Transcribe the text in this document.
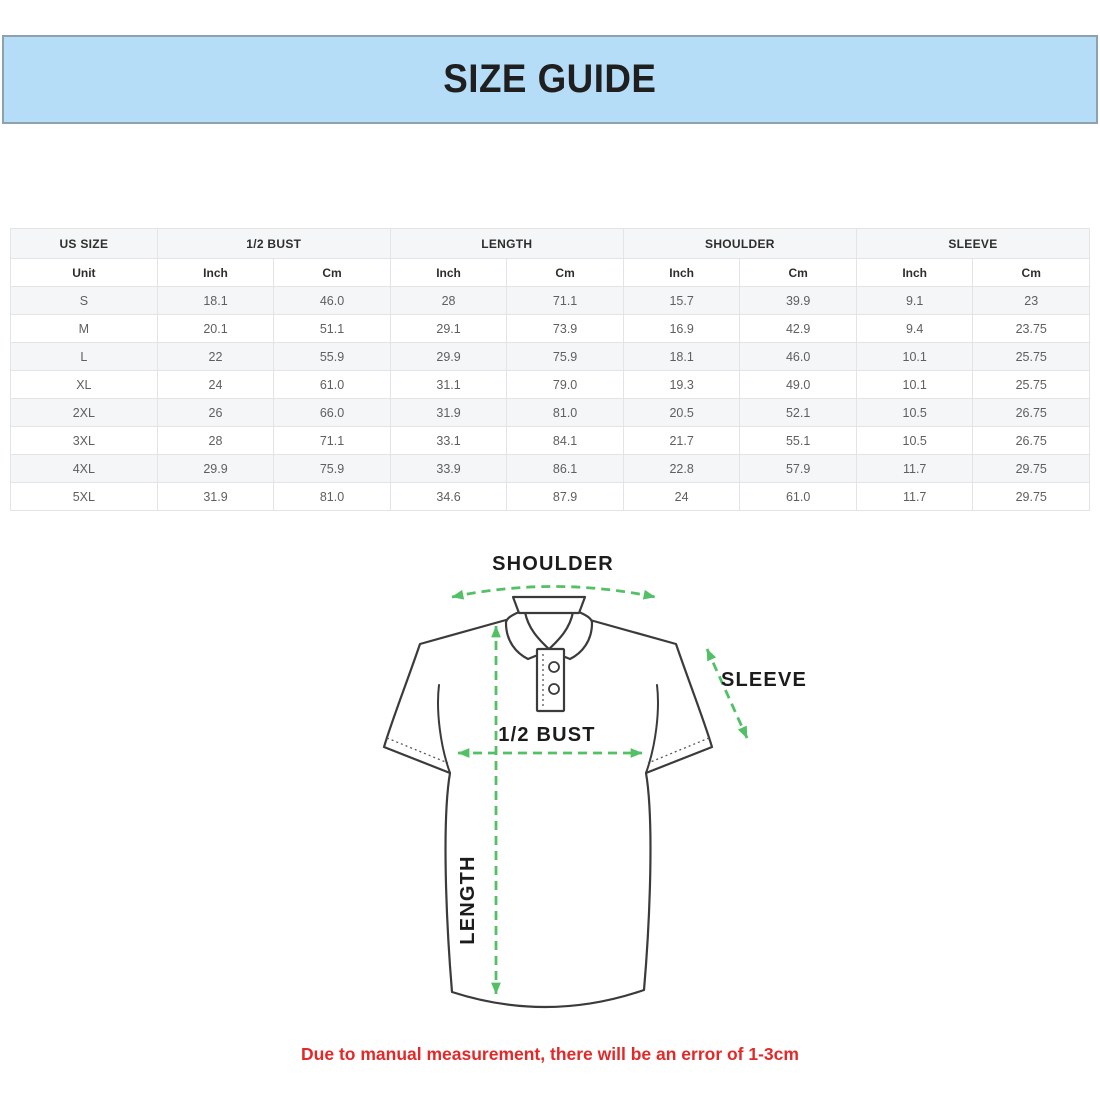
SIZE GUIDE
US SIZE	1/2 BUST		LENGTH		SHOULDER		SLEEVE	
Unit	Inch	Cm	Inch	Cm	Inch	Cm	Inch	Cm
S	18.1	46.0	28	71.1	15.7	39.9	9.1	23
M	20.1	51.1	29.1	73.9	16.9	42.9	9.4	23.75
L	22	55.9	29.9	75.9	18.1	46.0	10.1	25.75
XL	24	61.0	31.1	79.0	19.3	49.0	10.1	25.75
2XL	26	66.0	31.9	81.0	20.5	52.1	10.5	26.75
3XL	28	71.1	33.1	84.1	21.7	55.1	10.5	26.75
4XL	29.9	75.9	33.9	86.1	22.8	57.9	11.7	29.75
5XL	31.9	81.0	34.6	87.9	24	61.0	11.7	29.75
SHOULDER
SLEEVE
1/2 BUST
LENGTH

Due to manual measurement, there will be an error of 1-3cm
